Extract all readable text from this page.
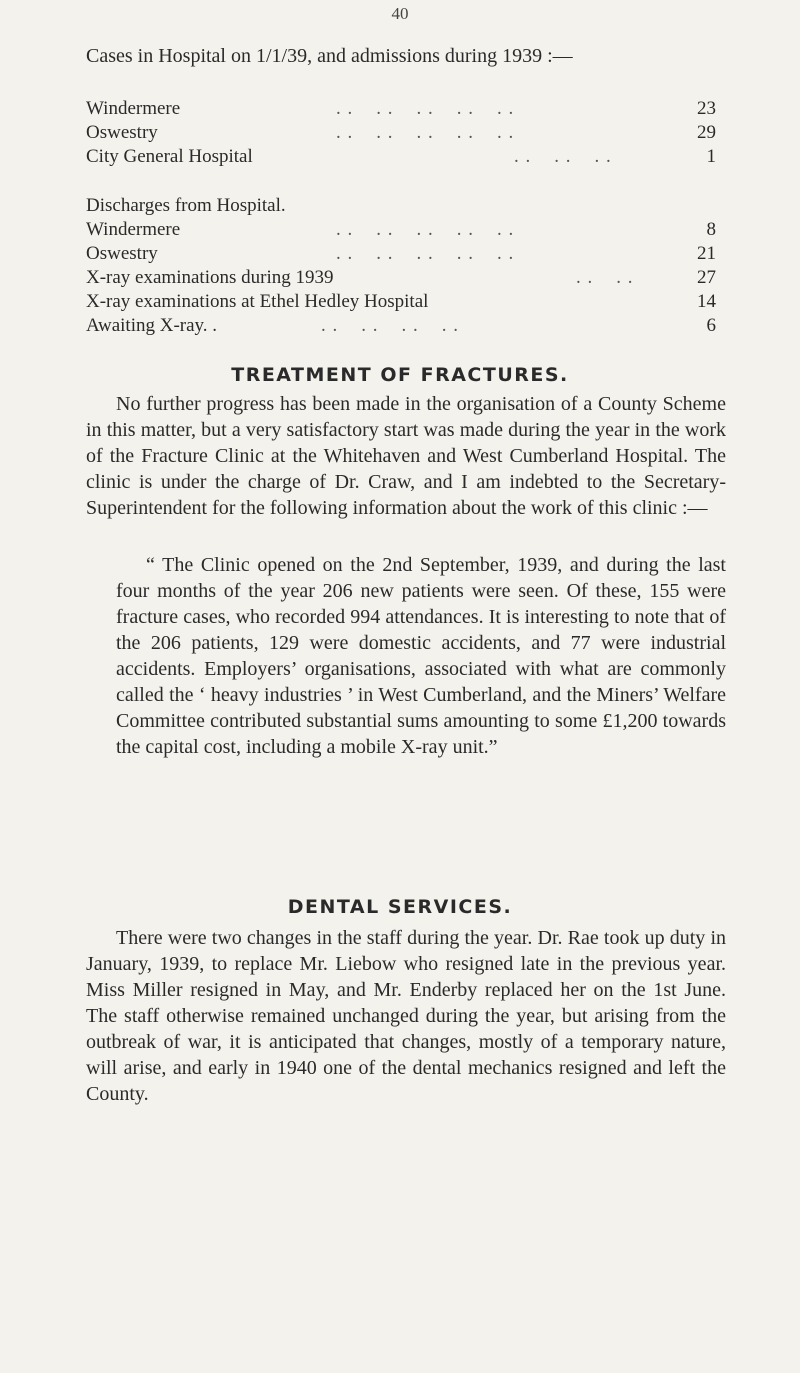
40
Cases in Hospital on 1/1/39, and admissions during 1939 :—
. .    . .    . .    . .    . .
Windermere	23
. .    . .    . .    . .    . .
Oswestry	29
. .    . .    . .
City General Hospital	1
Discharges from Hospital.
. .    . .    . .    . .    . .
Windermere	8
. .    . .    . .    . .    . .
Oswestry	21
. .    . .
X-ray examinations during 1939	27
X-ray examinations at Ethel Hedley Hospital	14
. .    . .    . .    . .
Awaiting X-ray. .	6
TREATMENT OF FRACTURES.
No further progress has been made in the organisation of a County Scheme in this matter, but a very satisfactory start was made during the year in the work of the Fracture Clinic at the Whitehaven and West Cumberland Hospital. The clinic is under the charge of Dr. Craw, and I am indebted to the Secretary-Superintendent for the following information about the work of this clinic :—
“ The Clinic opened on the 2nd September, 1939, and during the last four months of the year 206 new patients were seen. Of these, 155 were fracture cases, who recorded 994 attendances. It is interesting to note that of the 206 patients, 129 were domestic accidents, and 77 were industrial accidents. Employers’ organisations, associated with what are commonly called the ‘ heavy industries ’ in West Cumberland, and the Miners’ Welfare Committee contributed substantial sums amounting to some £1,200 towards the capital cost, including a mobile X-ray unit.”
DENTAL SERVICES.
There were two changes in the staff during the year. Dr. Rae took up duty in January, 1939, to replace Mr. Liebow who resigned late in the previous year. Miss Miller resigned in May, and Mr. Enderby replaced her on the 1st June. The staff otherwise remained unchanged during the year, but arising from the outbreak of war, it is anticipated that changes, mostly of a temporary nature, will arise, and early in 1940 one of the dental mechanics resigned and left the County.
